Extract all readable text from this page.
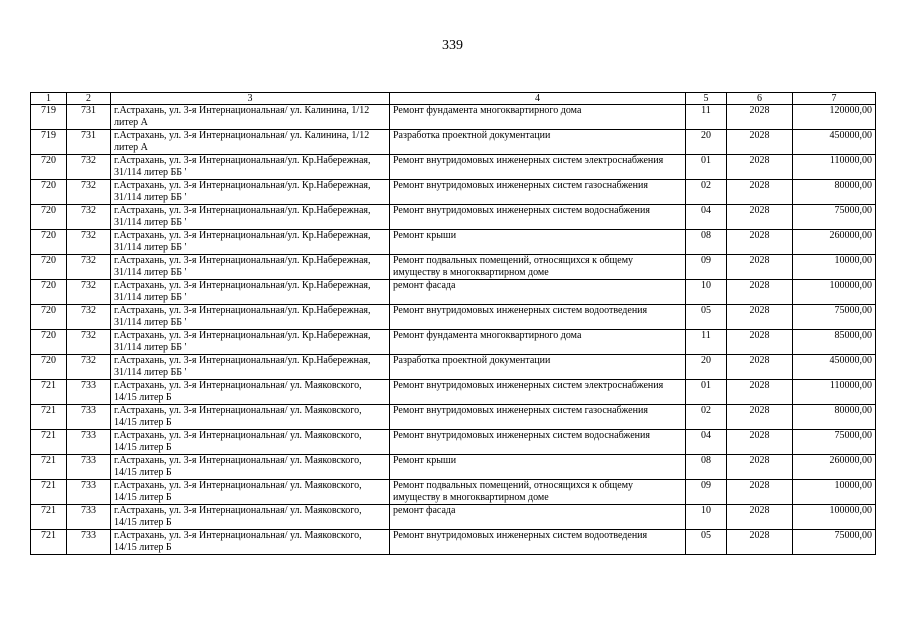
339
1	2	3	4	5	6	7
719	731	г.Астрахань, ул. 3-я Интернациональная/ ул. Калинина, 1/12 литер А	Ремонт фундамента многоквартирного дома	11	2028	120000,00
719	731	г.Астрахань, ул. 3-я Интернациональная/ ул. Калинина, 1/12 литер А	Разработка проектной документации	20	2028	450000,00
720	732	г.Астрахань, ул. 3-я Интернациональная/ул. Кр.Набережная, 31/114 литер ББ '	Ремонт внутридомовых инженерных систем электроснабжения	01	2028	110000,00
720	732	г.Астрахань, ул. 3-я Интернациональная/ул. Кр.Набережная, 31/114 литер ББ '	Ремонт внутридомовых инженерных систем газоснабжения	02	2028	80000,00
720	732	г.Астрахань, ул. 3-я Интернациональная/ул. Кр.Набережная, 31/114 литер ББ '	Ремонт внутридомовых инженерных систем водоснабжения	04	2028	75000,00
720	732	г.Астрахань, ул. 3-я Интернациональная/ул. Кр.Набережная, 31/114 литер ББ '	Ремонт крыши	08	2028	260000,00
720	732	г.Астрахань, ул. 3-я Интернациональная/ул. Кр.Набережная, 31/114 литер ББ '	Ремонт подвальных помещений, относящихся к общему имуществу в многоквартирном доме	09	2028	10000,00
720	732	г.Астрахань, ул. 3-я Интернациональная/ул. Кр.Набережная, 31/114 литер ББ '	ремонт фасада	10	2028	100000,00
720	732	г.Астрахань, ул. 3-я Интернациональная/ул. Кр.Набережная, 31/114 литер ББ '	Ремонт внутридомовых инженерных систем водоотведения	05	2028	75000,00
720	732	г.Астрахань, ул. 3-я Интернациональная/ул. Кр.Набережная, 31/114 литер ББ '	Ремонт фундамента многоквартирного дома	11	2028	85000,00
720	732	г.Астрахань, ул. 3-я Интернациональная/ул. Кр.Набережная, 31/114 литер ББ '	Разработка проектной документации	20	2028	450000,00
721	733	г.Астрахань, ул. 3-я Интернациональная/ ул. Маяковского, 14/15 литер Б	Ремонт внутридомовых инженерных систем электроснабжения	01	2028	110000,00
721	733	г.Астрахань, ул. 3-я Интернациональная/ ул. Маяковского, 14/15 литер Б	Ремонт внутридомовых инженерных систем газоснабжения	02	2028	80000,00
721	733	г.Астрахань, ул. 3-я Интернациональная/ ул. Маяковского, 14/15 литер Б	Ремонт внутридомовых инженерных систем водоснабжения	04	2028	75000,00
721	733	г.Астрахань, ул. 3-я Интернациональная/ ул. Маяковского, 14/15 литер Б	Ремонт крыши	08	2028	260000,00
721	733	г.Астрахань, ул. 3-я Интернациональная/ ул. Маяковского, 14/15 литер Б	Ремонт подвальных помещений, относящихся к общему имуществу в многоквартирном доме	09	2028	10000,00
721	733	г.Астрахань, ул. 3-я Интернациональная/ ул. Маяковского, 14/15 литер Б	ремонт фасада	10	2028	100000,00
721	733	г.Астрахань, ул. 3-я Интернациональная/ ул. Маяковского, 14/15 литер Б	Ремонт внутридомовых инженерных систем водоотведения	05	2028	75000,00
